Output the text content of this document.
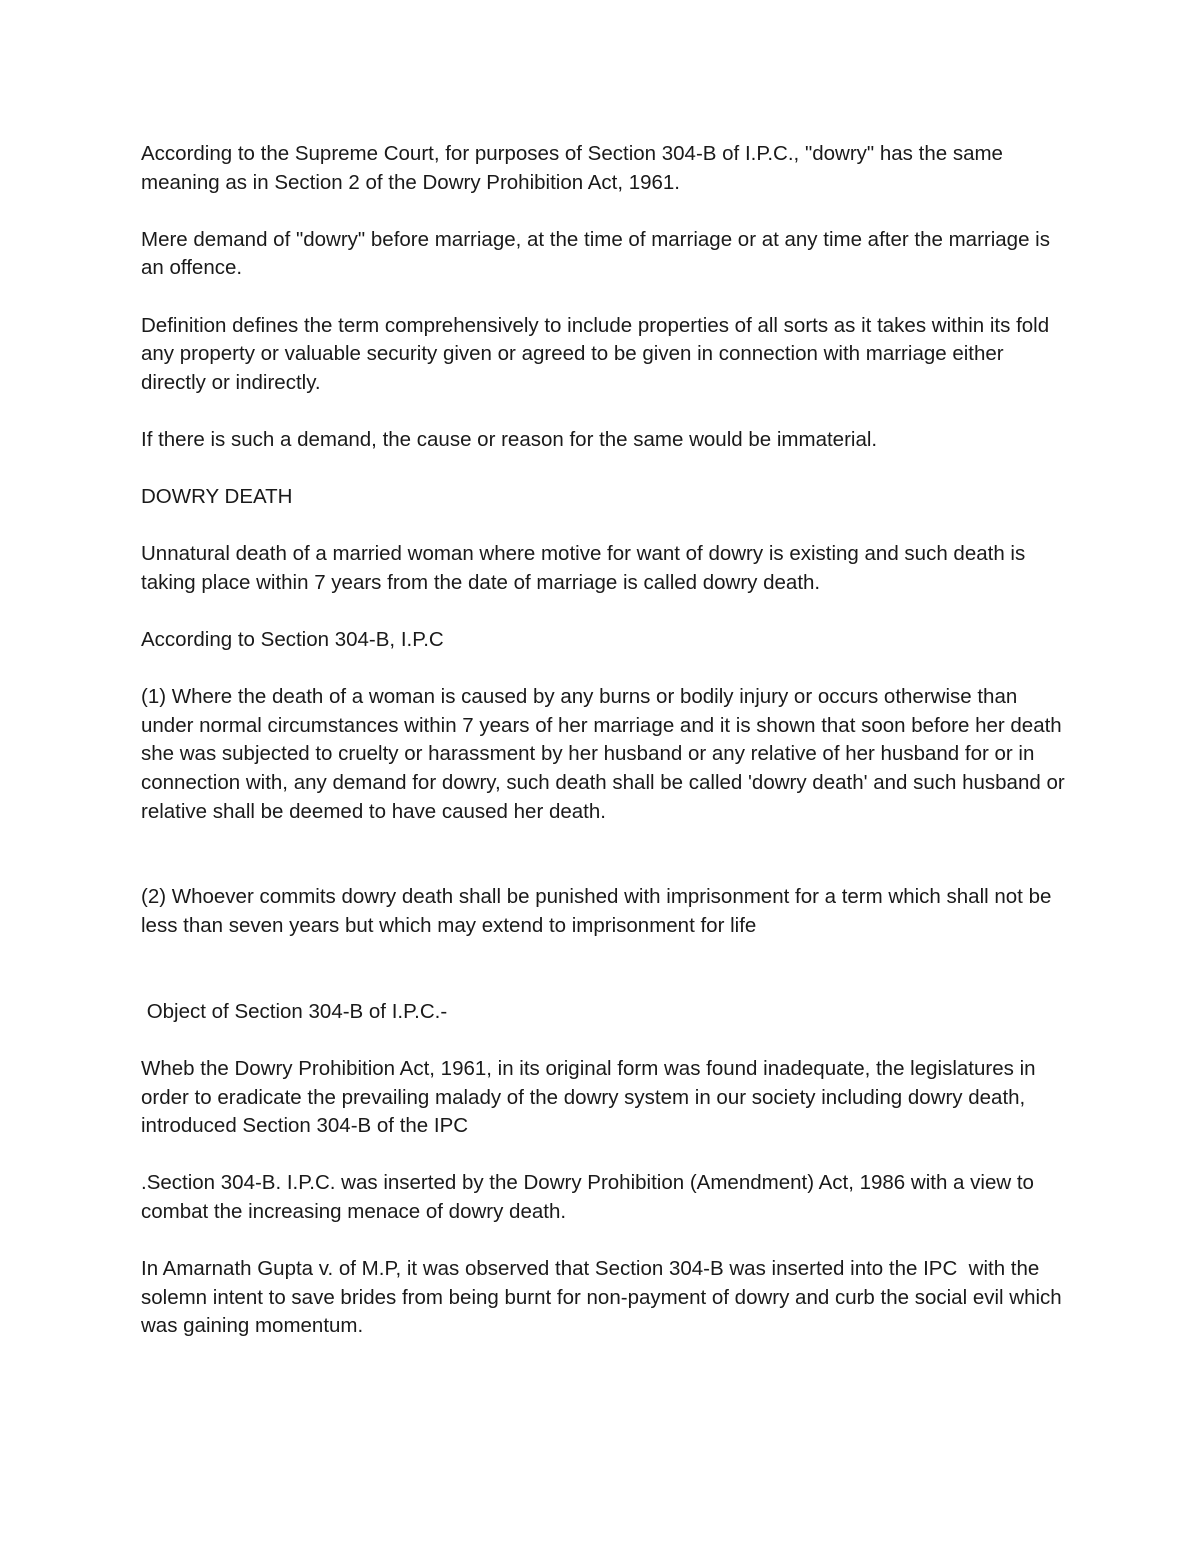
According to the Supreme Court, for purposes of Section 304-B of I.P.C., "dowry" has the same meaning as in Section 2 of the Dowry Prohibition Act, 1961.

Mere demand of "dowry" before marriage, at the time of marriage or at any time after the marriage is an offence.

Definition defines the term comprehensively to include properties of all sorts as it takes within its fold any property or valuable security given or agreed to be given in connection with marriage either directly or indirectly.

If there is such a demand, the cause or reason for the same would be immaterial.

DOWRY DEATH

Unnatural death of a married woman where motive for want of dowry is existing and such death is taking place within 7 years from the date of marriage is called dowry death.

According to Section 304-B, I.P.C

(1) Where the death of a woman is caused by any burns or bodily injury or occurs otherwise than under normal circumstances within 7 years of her marriage and it is shown that soon before her death she was subjected to cruelty or harassment by her husband or any relative of her husband for or in connection with, any demand for dowry, such death shall be called 'dowry death' and such husband or relative shall be deemed to have caused her death.

(2) Whoever commits dowry death shall be punished with imprisonment for a term which shall not be less than seven years but which may extend to imprisonment for life

Object of Section 304-B of I.P.C.-

Wheb the Dowry Prohibition Act, 1961, in its original form was found inadequate, the legislatures in order to eradicate the prevailing malady of the dowry system in our society including dowry death, introduced Section 304-B of the IPC

.Section 304-B. I.P.C. was inserted by the Dowry Prohibition (Amendment) Act, 1986 with a view to combat the increasing menace of dowry death.

In Amarnath Gupta v. of M.P, it was observed that Section 304-B was inserted into the IPC  with the solemn intent to save brides from being burnt for non-payment of dowry and curb the social evil which was gaining momentum.
